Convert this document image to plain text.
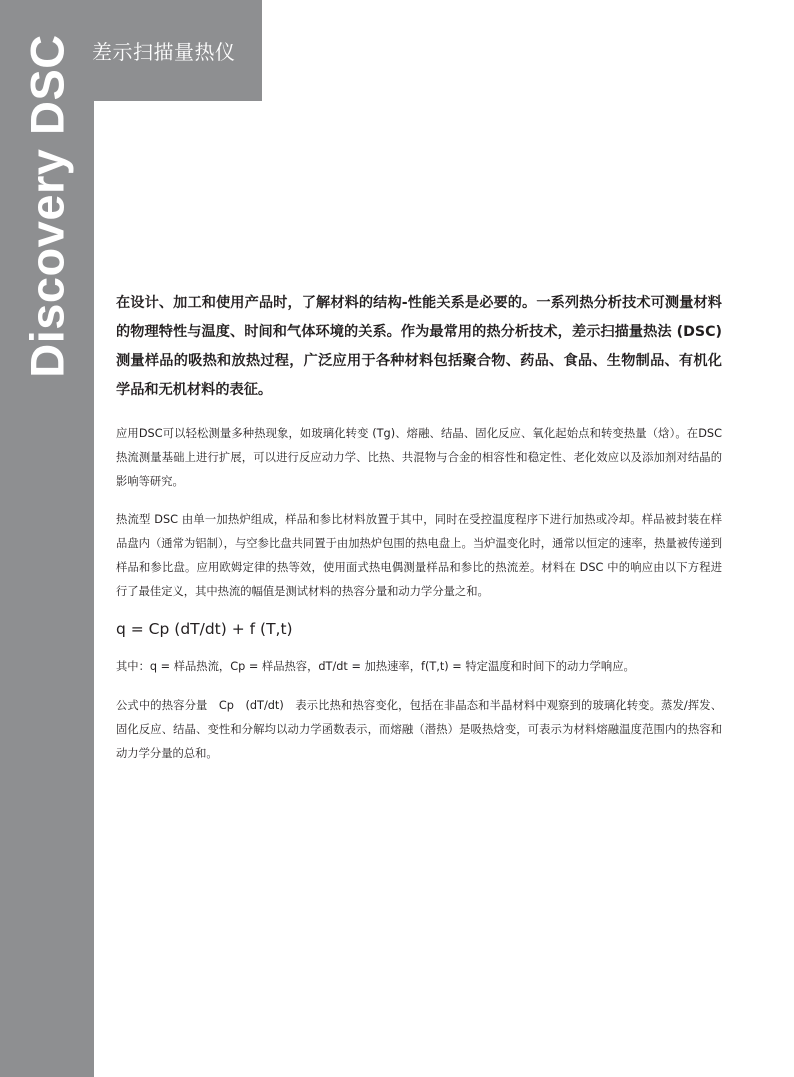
差示扫描量热仪
Discovery DSC	在设计、加工和使用产品时，了解材料的结构-性能关系是必要的。一系列热分析技术可测量材料的物理特性与温度、时间和气体环境的关系。作为最常用的热分析技术，差示扫描量热法 (DSC) 测量样品的吸热和放热过程，广泛应用于各种材料包括聚合物、药品、食品、生物制品、有机化学品和无机材料的表征。

应用DSC可以轻松测量多种热现象，如玻璃化转变 (Tg)、熔融、结晶、固化反应、氧化起始点和转变热量（焓）。在DSC热流测量基础上进行扩展，可以进行反应动力学、比热、共混物与合金的相容性和稳定性、老化效应以及添加剂对结晶的影响等研究。

热流型 DSC 由单一加热炉组成，样品和参比材料放置于其中，同时在受控温度程序下进行加热或冷却。样品被封装在样品盘内（通常为铝制），与空参比盘共同置于由加热炉包围的热电盘上。当炉温变化时，通常以恒定的速率，热量被传递到样品和参比盘。应用欧姆定律的热等效，使用面式热电偶测量样品和参比的热流差。材料在 DSC 中的响应由以下方程进行了最佳定义，其中热流的幅值是测试材料的热容分量和动力学分量之和。

q = Cp (dT/dt) + f (T,t)

其中：q = 样品热流，Cp = 样品热容，dT/dt = 加热速率，f(T,t) = 特定温度和时间下的动力学响应。

公式中的热容分量　Cp　(dT/dt)　表示比热和热容变化，包括在非晶态和半晶材料中观察到的玻璃化转变。蒸发/挥发、固化反应、结晶、变性和分解均以动力学函数表示，而熔融（潜热）是吸热焓变，可表示为材料熔融温度范围内的热容和动力学分量的总和。
